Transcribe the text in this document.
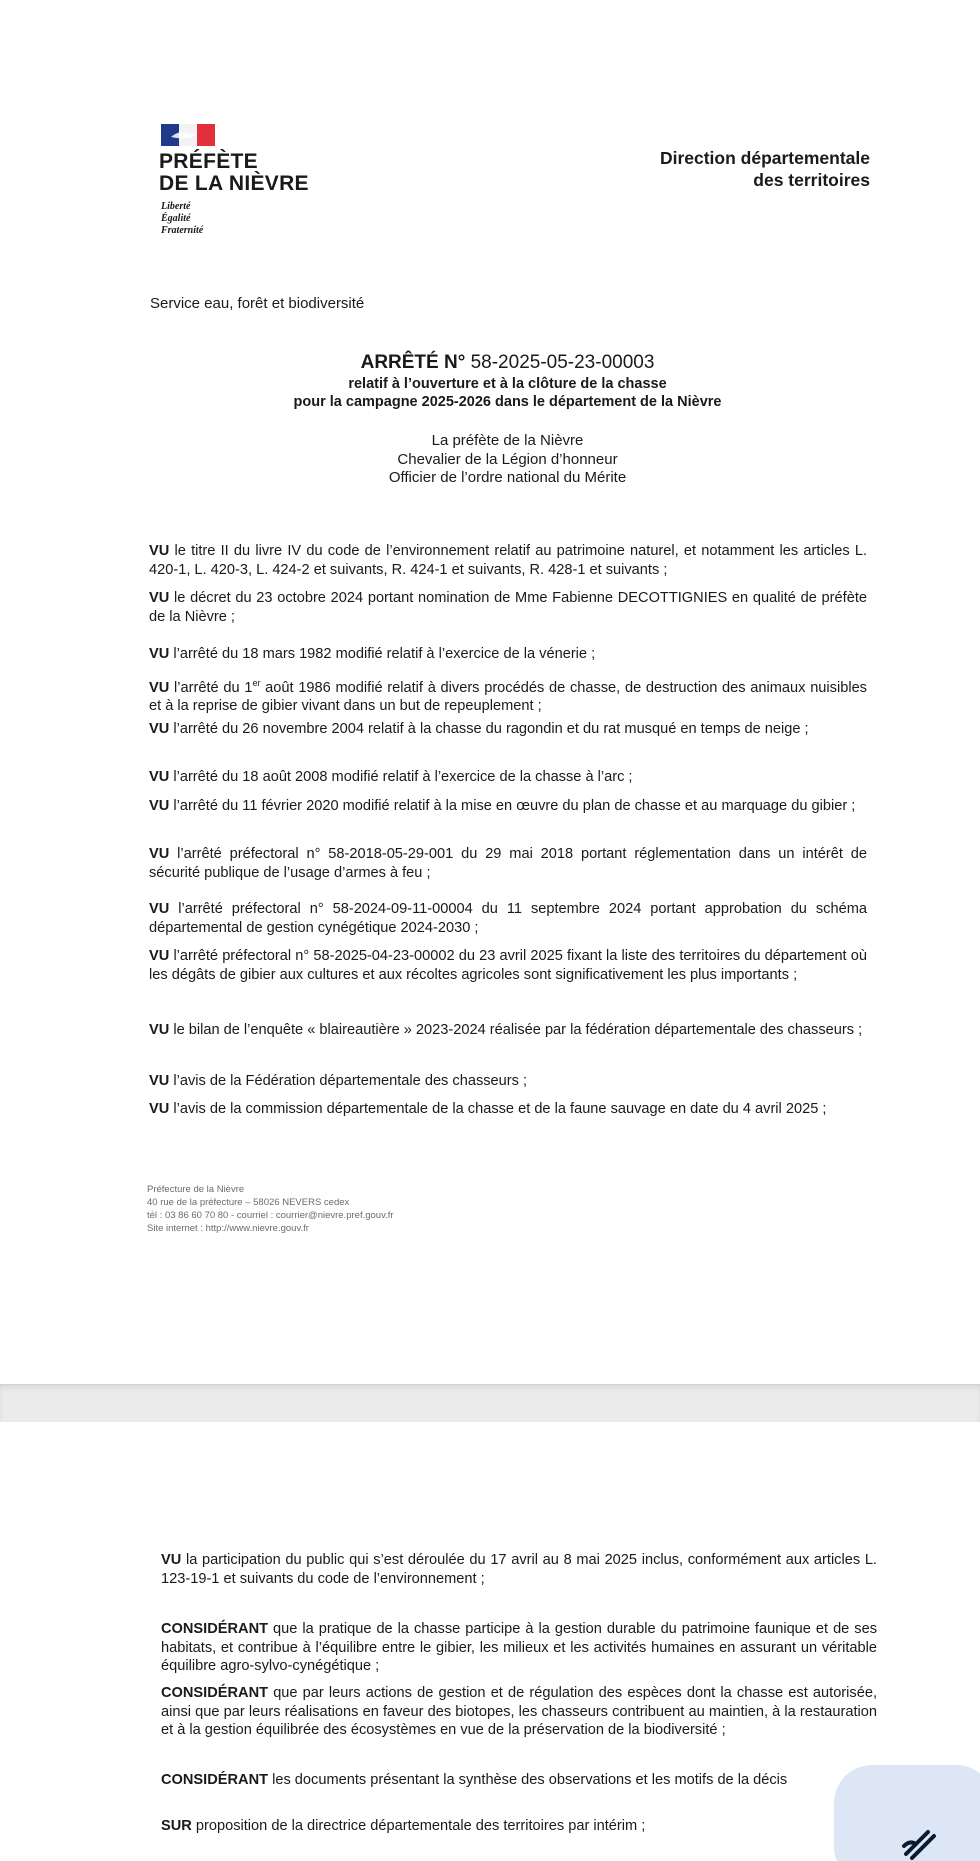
PRÉFÈTE
DE LA NIÈVRE
Liberté
Égalité
Fraternité
Direction départementale
des territoires
Service eau, forêt et biodiversité
ARRÊTÉ N° 58-2025-05-23-00003
relatif à l’ouverture et à la clôture de la chasse
pour la campagne 2025-2026 dans le département de la Nièvre
La préfète de la Nièvre
Chevalier de la Légion d’honneur
Officier de l’ordre national du Mérite
VU le titre II du livre IV du code de l’environnement relatif au patrimoine naturel, et notamment les articles L. 420-1, L. 420-3, L. 424-2 et suivants, R. 424-1 et suivants, R. 428-1 et suivants ;
VU le décret du 23 octobre 2024 portant nomination de Mme Fabienne DECOTTIGNIES en qualité de préfète de la Nièvre ;
VU l’arrêté du 18 mars 1982 modifié relatif à l’exercice de la vénerie ;
VU l’arrêté du 1er août 1986 modifié relatif à divers procédés de chasse, de destruction des animaux nuisibles et à la reprise de gibier vivant dans un but de repeuplement ;
VU l’arrêté du 26 novembre 2004 relatif à la chasse du ragondin et du rat musqué en temps de neige ;
VU l’arrêté du 18 août 2008 modifié relatif à l’exercice de la chasse à l’arc ;
VU l’arrêté du 11 février 2020 modifié relatif à la mise en œuvre du plan de chasse et au marquage du gibier ;
VU l’arrêté préfectoral n° 58-2018-05-29-001 du 29 mai 2018 portant réglementation dans un intérêt de sécurité publique de l’usage d’armes à feu ;
VU l’arrêté préfectoral n° 58-2024-09-11-00004 du 11 septembre 2024 portant approbation du schéma départemental de gestion cynégétique 2024-2030 ;
VU l’arrêté préfectoral n° 58-2025-04-23-00002 du 23 avril 2025 fixant la liste des territoires du département où les dégâts de gibier aux cultures et aux récoltes agricoles sont significativement les plus importants ;
VU le bilan de l’enquête « blaireautière » 2023-2024 réalisée par la fédération départementale des chasseurs ;
VU l’avis de la Fédération départementale des chasseurs ;
VU l’avis de la commission départementale de la chasse et de la faune sauvage en date du 4 avril 2025 ;
Préfecture de la Nièvre
40 rue de la préfecture – 58026 NEVERS cedex
tél : 03 86 60 70 80 - courriel : courrier@nievre.pref.gouv.fr
Site internet : http://www.nievre.gouv.fr
VU la participation du public qui s’est déroulée du 17 avril au 8 mai 2025 inclus, conformément aux articles L. 123-19-1 et suivants du code de l’environnement ;
CONSIDÉRANT que la pratique de la chasse participe à la gestion durable du patrimoine faunique et de ses habitats, et contribue à l’équilibre entre le gibier, les milieux et les activités humaines en assurant un véritable équilibre agro-sylvo-cynégétique ;
CONSIDÉRANT que par leurs actions de gestion et de régulation des espèces dont la chasse est autorisée, ainsi que par leurs réalisations en faveur des biotopes, les chasseurs contribuent au maintien, à la restauration et à la gestion équilibrée des écosystèmes en vue de la préservation de la biodiversité ;
CONSIDÉRANT les documents présentant la synthèse des observations et les motifs de la décis
SUR proposition de la directrice départementale des territoires par intérim ;
